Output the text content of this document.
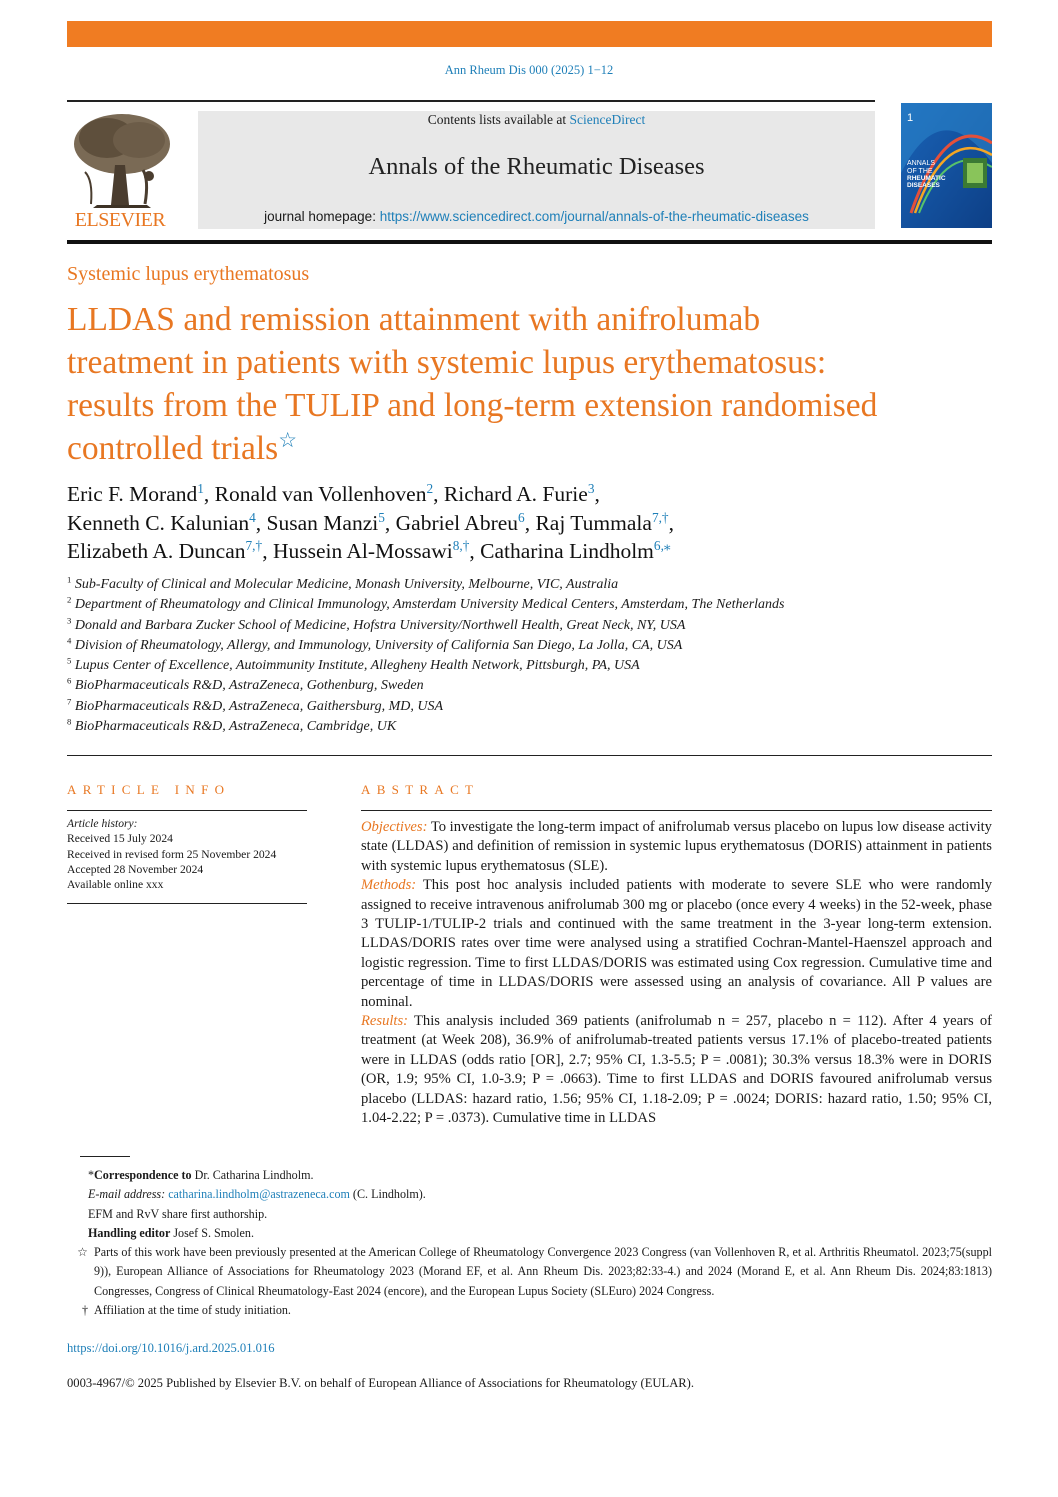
Ann Rheum Dis 000 (2025) 1−12
ELSEVIER
Contents lists available at ScienceDirect
Annals of the Rheumatic Diseases
journal homepage: https://www.sciencedirect.com/journal/annals-of-the-rheumatic-diseases
1
ANNALS
OF THE
RHEUMATIC
DISEASES
Systemic lupus erythematosus
LLDAS and remission attainment with anifrolumab treatment in patients with systemic lupus erythematosus: results from the TULIP and long-term extension randomised controlled trials☆
Eric F. Morand$^1$, Ronald van Vollenhoven$^2$, Richard A. Furie$^3$,
Kenneth C. Kalunian$^4$, Susan Manzi$^5$, Gabriel Abreu$^6$, Raj Tummala$^{7,\dagger}$,
Elizabeth A. Duncan$^{7,\dagger}$, Hussein Al-Mossawi$^{8,\dagger}$, Catharina Lindholm$^{6,⁎}$
$^1$ Sub-Faculty of Clinical and Molecular Medicine, Monash University, Melbourne, VIC, Australia
$^2$ Department of Rheumatology and Clinical Immunology, Amsterdam University Medical Centers, Amsterdam, The Netherlands
$^3$ Donald and Barbara Zucker School of Medicine, Hofstra University/Northwell Health, Great Neck, NY, USA
$^4$ Division of Rheumatology, Allergy, and Immunology, University of California San Diego, La Jolla, CA, USA
$^5$ Lupus Center of Excellence, Autoimmunity Institute, Allegheny Health Network, Pittsburgh, PA, USA
$^6$ BioPharmaceuticals R&D, AstraZeneca, Gothenburg, Sweden
$^7$ BioPharmaceuticals R&D, AstraZeneca, Gaithersburg, MD, USA
$^8$ BioPharmaceuticals R&D, AstraZeneca, Cambridge, UK
ARTICLE INFO	ABSTRACT
Article history:
Received 15 July 2024
Received in revised form 25 November 2024
Accepted 28 November 2024
Available online xxx

Objectives: To investigate the long-term impact of anifrolumab versus placebo on lupus low disease activity state (LLDAS) and definition of remission in systemic lupus erythematosus (DORIS) attainment in patients with systemic lupus erythematosus (SLE).

Methods: This post hoc analysis included patients with moderate to severe SLE who were randomly assigned to receive intravenous anifrolumab 300 mg or placebo (once every 4 weeks) in the 52-week, phase 3 TULIP-1/TULIP-2 trials and continued with the same treatment in the 3-year long-term extension. LLDAS/DORIS rates over time were analysed using a stratified Cochran-Mantel-Haenszel approach and logistic regression. Time to first LLDAS/DORIS was estimated using Cox regression. Cumulative time and percentage of time in LLDAS/DORIS were assessed using an analysis of covariance. All P values are nominal.

Results: This analysis included 369 patients (anifrolumab n = 257, placebo n = 112). After 4 years of treatment (at Week 208), 36.9% of anifrolumab-treated patients versus 17.1% of placebo-treated patients were in LLDAS (odds ratio [OR], 2.7; 95% CI, 1.3-5.5; P = .0081); 30.3% versus 18.3% were in DORIS (OR, 1.9; 95% CI, 1.0-3.9; P = .0663). Time to first LLDAS and DORIS favoured anifrolumab versus placebo (LLDAS: hazard ratio, 1.56; 95% CI, 1.18-2.09; P = .0024; DORIS: hazard ratio, 1.50; 95% CI, 1.04-2.22; P = .0373). Cumulative time in LLDAS

*Correspondence to Dr. Catharina Lindholm.
E-mail address: catharina.lindholm@astrazeneca.com (C. Lindholm).
EFM and RvV share first authorship.
Handling editor Josef S. Smolen.
☆ Parts of this work have been previously presented at the American College of Rheumatology Convergence 2023 Congress (van Vollenhoven R, et al. Arthritis Rheumatol. 2023;75(suppl 9)), European Alliance of Associations for Rheumatology 2023 (Morand EF, et al. Ann Rheum Dis. 2023;82:33-4.) and 2024 (Morand E, et al. Ann Rheum Dis. 2024;83:1813) Congresses, Congress of Clinical Rheumatology-East 2024 (encore), and the European Lupus Society (SLEuro) 2024 Congress.
† Affiliation at the time of study initiation.
https://doi.org/10.1016/j.ard.2025.01.016
0003-4967/© 2025 Published by Elsevier B.V. on behalf of European Alliance of Associations for Rheumatology (EULAR).
